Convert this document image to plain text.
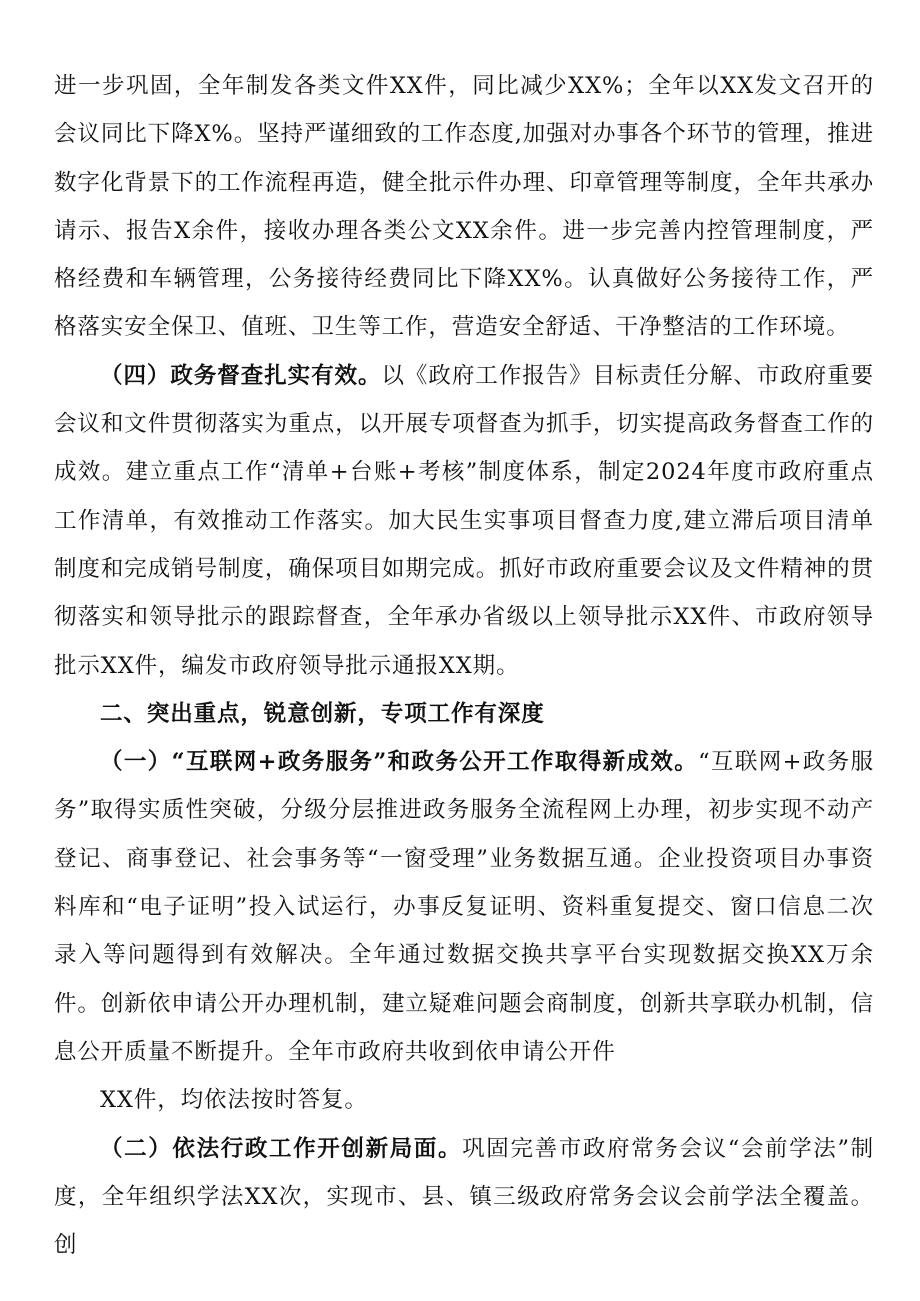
进一步巩固，全年制发各类文件XX件，同比减少XX%；全年以XX发文召开的会议同比下降X%。坚持严谨细致的工作态度,加强对办事各个环节的管理，推进数字化背景下的工作流程再造，健全批示件办理、印章管理等制度，全年共承办请示、报告X余件，接收办理各类公文XX余件。进一步完善内控管理制度，严格经费和车辆管理，公务接待经费同比下降XX%。认真做好公务接待工作，严格落实安全保卫、值班、卫生等工作，营造安全舒适、干净整洁的工作环境。

（四）政务督查扎实有效。以《政府工作报告》目标责任分解、市政府重要会议和文件贯彻落实为重点，以开展专项督查为抓手，切实提高政务督查工作的成效。建立重点工作“清单+台账+考核”制度体系，制定2024年度市政府重点工作清单，有效推动工作落实。加大民生实事项目督查力度,建立滞后项目清单制度和完成销号制度，确保项目如期完成。抓好市政府重要会议及文件精神的贯彻落实和领导批示的跟踪督查，全年承办省级以上领导批示XX件、市政府领导批示XX件，编发市政府领导批示通报XX期。

二、突出重点，锐意创新，专项工作有深度

（一）“互联网+政务服务”和政务公开工作取得新成效。“互联网+政务服务”取得实质性突破，分级分层推进政务服务全流程网上办理，初步实现不动产登记、商事登记、社会事务等“一窗受理”业务数据互通。企业投资项目办事资料库和“电子证明”投入试运行，办事反复证明、资料重复提交、窗口信息二次录入等问题得到有效解决。全年通过数据交换共享平台实现数据交换XX万余件。创新依申请公开办理机制，建立疑难问题会商制度，创新共享联办机制，信息公开质量不断提升。全年市政府共收到依申请公开件
XX件，均依法按时答复。

（二）依法行政工作开创新局面。巩固完善市政府常务会议“会前学法”制度，全年组织学法XX次，实现市、县、镇三级政府常务会议会前学法全覆盖。创
